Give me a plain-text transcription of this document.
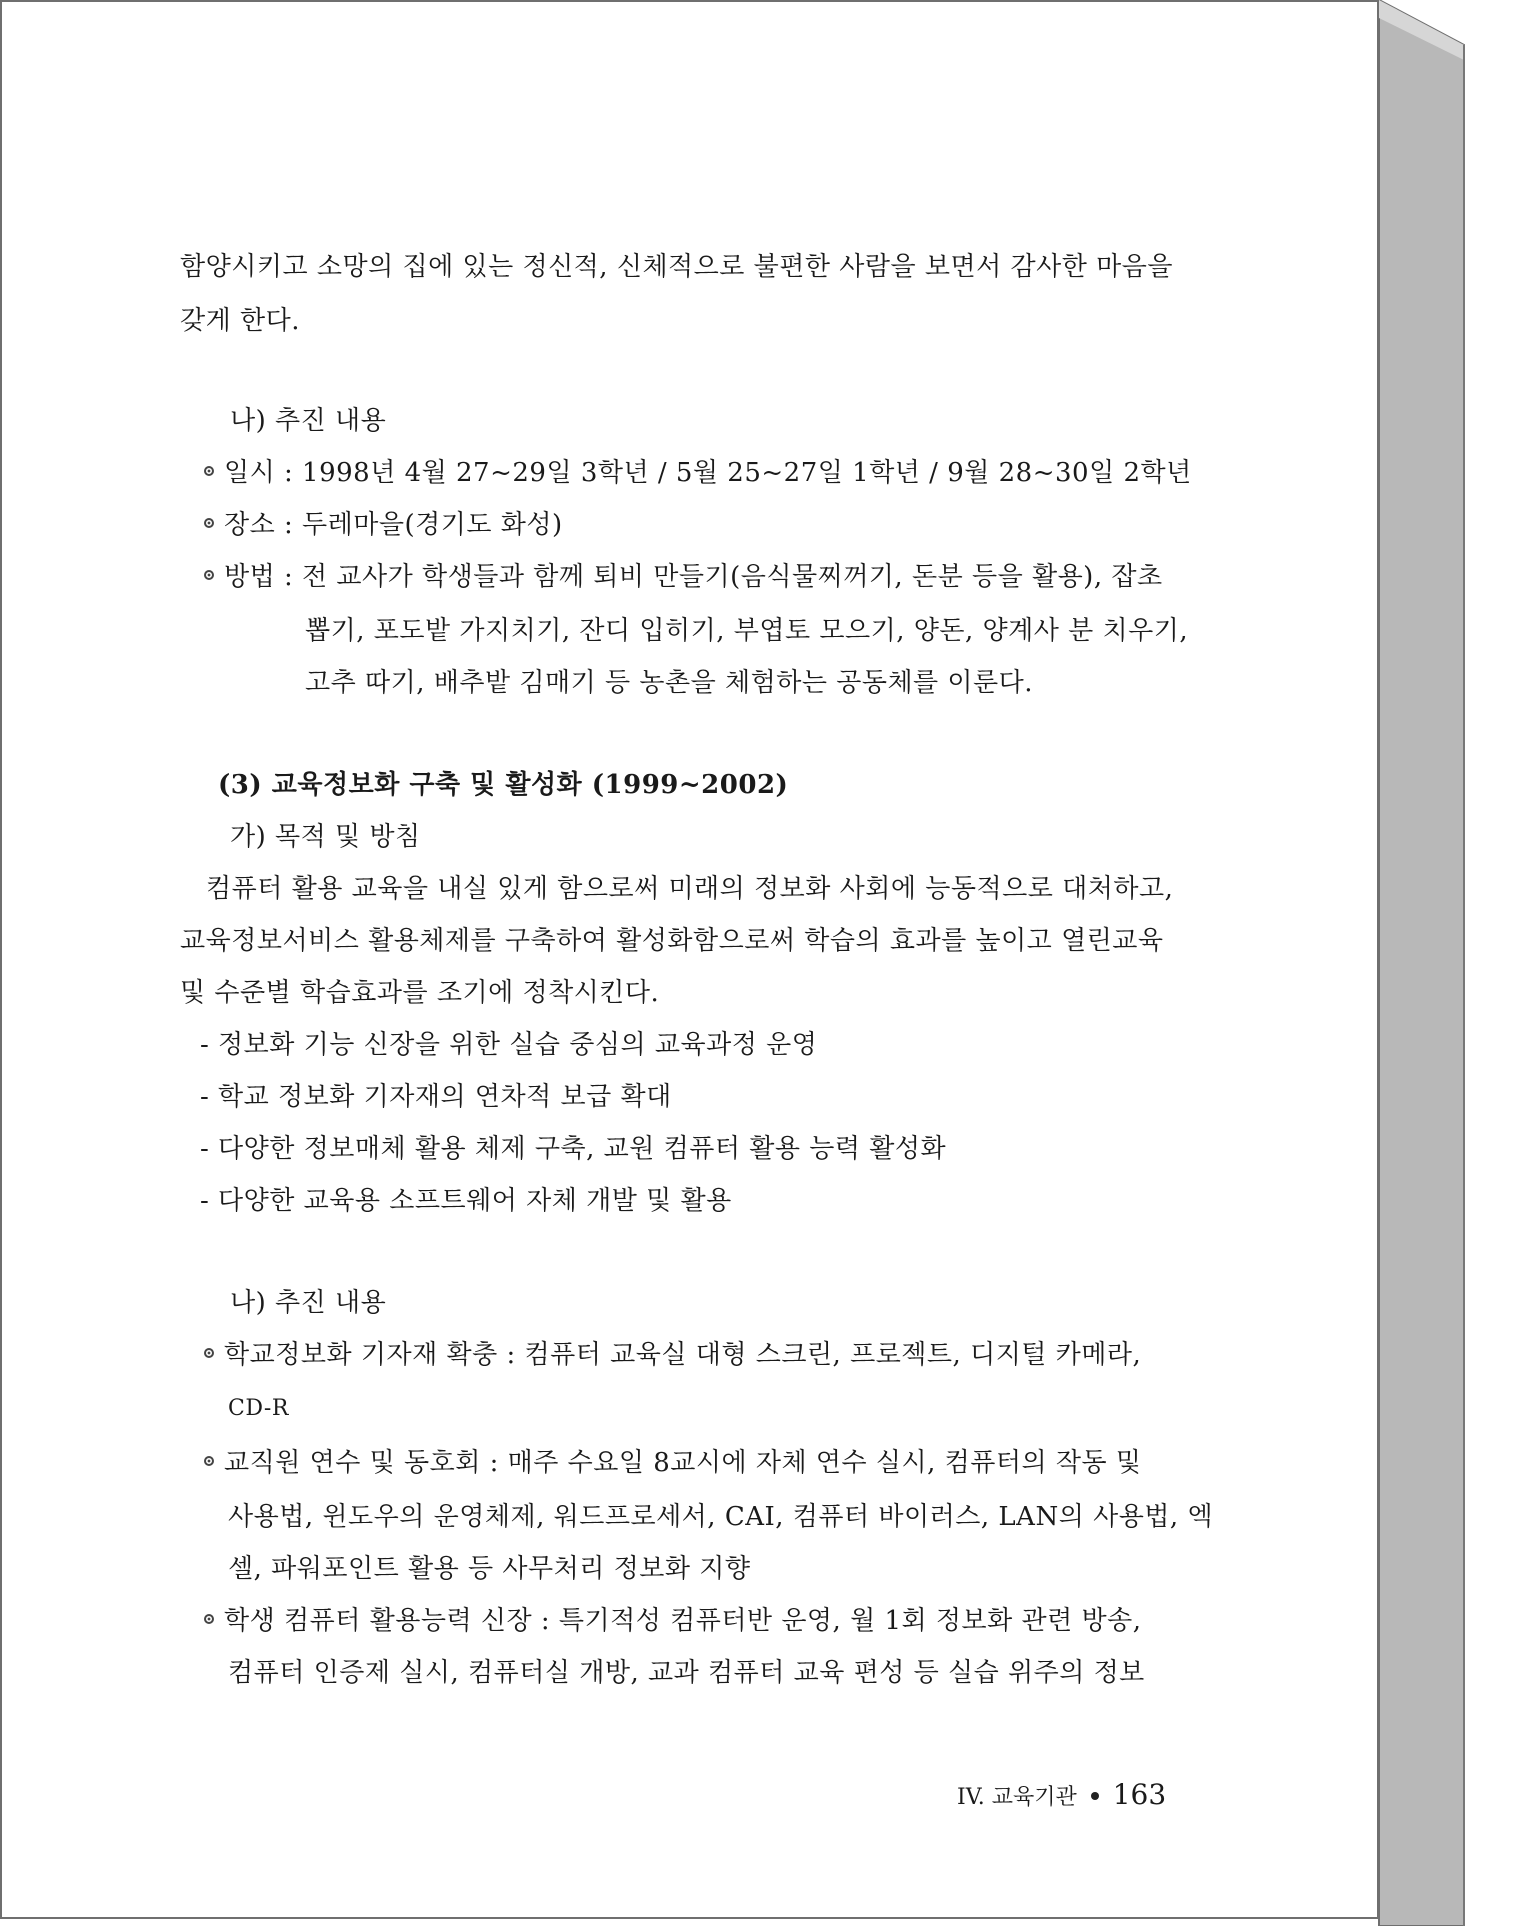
함양시키고 소망의 집에 있는 정신적, 신체적으로 불편한 사람을 보면서 감사한 마음을
갖게 한다.
나) 추진 내용
일시 : 1998년 4월 27~29일 3학년 / 5월 25~27일 1학년 / 9월 28~30일 2학년
장소 : 두레마을(경기도 화성)
방법 : 전 교사가 학생들과 함께 퇴비 만들기(음식물찌꺼기, 돈분 등을 활용), 잡초
뽑기, 포도밭 가지치기, 잔디 입히기, 부엽토 모으기, 양돈, 양계사 분 치우기,
고추 따기, 배추밭 김매기 등 농촌을 체험하는 공동체를 이룬다.
(3) 교육정보화 구축 및 활성화 (1999~2002)
가) 목적 및 방침
컴퓨터 활용 교육을 내실 있게 함으로써 미래의 정보화 사회에 능동적으로 대처하고,
교육정보서비스 활용체제를 구축하여 활성화함으로써 학습의 효과를 높이고 열린교육
및 수준별 학습효과를 조기에 정착시킨다.
- 정보화 기능 신장을 위한 실습 중심의 교육과정 운영
- 학교 정보화 기자재의 연차적 보급 확대
- 다양한 정보매체 활용 체제 구축, 교원 컴퓨터 활용 능력 활성화
- 다양한 교육용 소프트웨어 자체 개발 및 활용
나) 추진 내용
학교정보화 기자재 확충 : 컴퓨터 교육실 대형 스크린, 프로젝트, 디지털 카메라,
CD-R
교직원 연수 및 동호회 : 매주 수요일 8교시에 자체 연수 실시, 컴퓨터의 작동 및
사용법, 윈도우의 운영체제, 워드프로세서, CAI, 컴퓨터 바이러스, LAN의 사용법, 엑
셀, 파워포인트 활용 등 사무처리 정보화 지향
학생 컴퓨터 활용능력 신장 : 특기적성 컴퓨터반 운영, 월 1회 정보화 관련 방송,
컴퓨터 인증제 실시, 컴퓨터실 개방, 교과 컴퓨터 교육 편성 등 실습 위주의 정보
IV. 교육기관 163
